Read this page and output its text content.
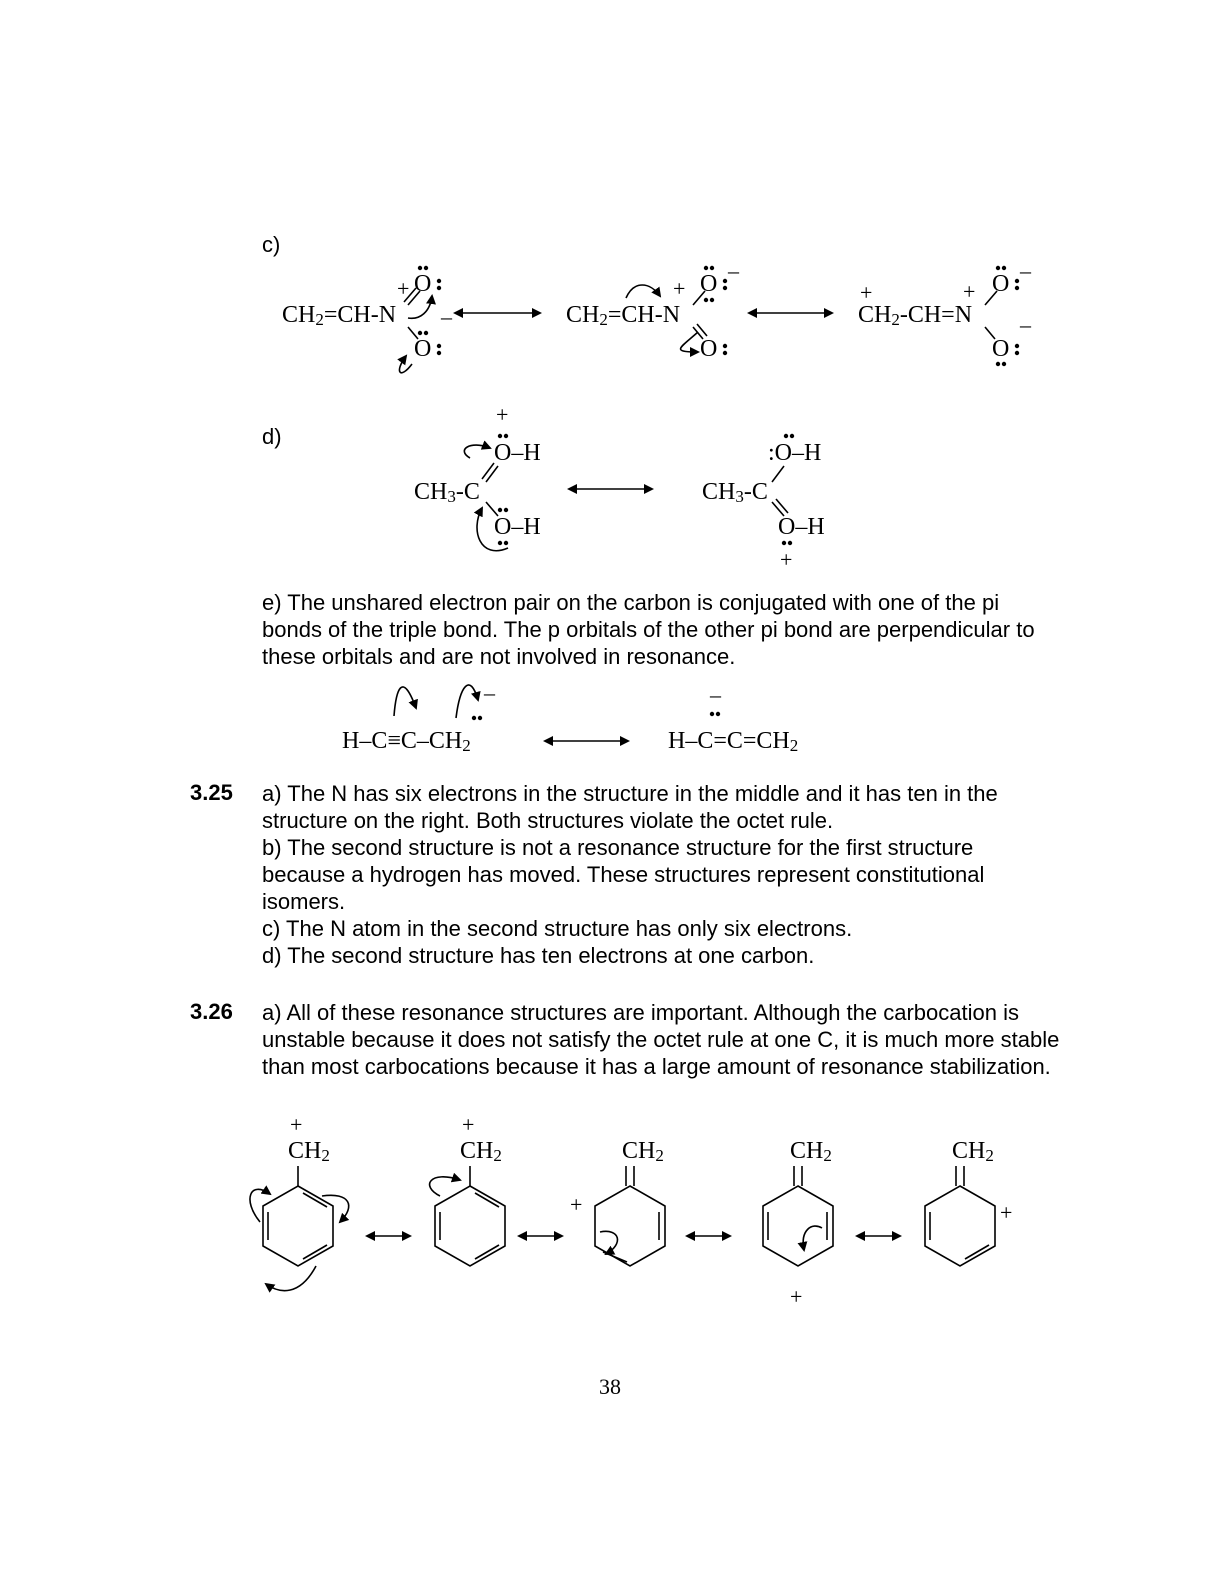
c)
$CH_2=CH-N$
O
+
O
–	$CH_2=CH-N$
O
+
–
O
+
$CH_2-CH=N$
O
+
–
O
–
d)
+
O–H
$CH_3-C$
O–H
:O–H
$CH_3-C$
O–H
+

e) The unshared electron pair on the carbon is conjugated with one of the pi bonds of the triple bond. The p orbitals of the other pi bond are perpendicular to these orbitals and are not involved in resonance.

$H-C\equiv C-CH_2$
–
$H-C=C=CH_2$
–
3.25 a) The N has six electrons in the structure in the middle and it has ten in the structure on the right. Both structures violate the octet rule.

b) The second structure is not a resonance structure for the first structure because a hydrogen has moved. These structures represent constitutional isomers.

c) The N atom in the second structure has only six electrons.

d) The second structure has ten electrons at one carbon.

3.26 a) All of these resonance structures are important. Although the carbocation is unstable because it does not satisfy the octet rule at one C, it is much more stable than most carbocations because it has a large amount of resonance stabilization.
+
$CH_2$
+
$CH_2$	$CH_2$
+
$CH_2$
+
$CH_2$
+
38
